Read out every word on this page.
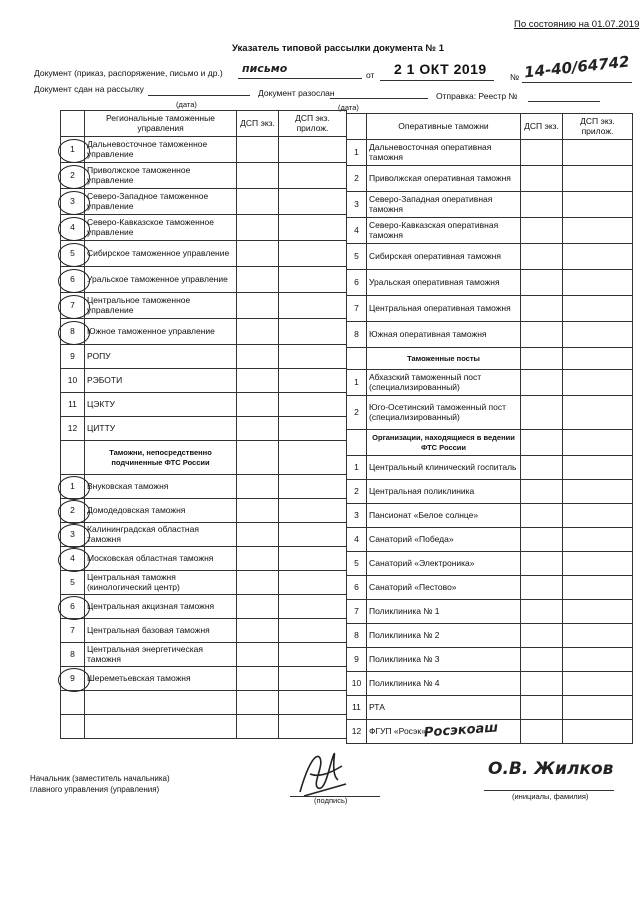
По состоянию на 01.07.2019
Указатель типовой рассылки документа № 1
Документ (приказ, распоряжение, письмо и др.) письмо	от 2 1 ОКТ 2019	№ 14-40/64742
Документ сдан на рассылку	Документ разослан	Отправка: Реестр №
(дата)	(дата)
	Региональные таможенные управления	ДСП экз.	ДСП экз. прилож.
1	Дальневосточное таможенное управление		
2	Приволжское таможенное управление		
3	Северо-Западное таможенное управление		
4	Северо-Кавказское таможенное управление		
5	Сибирское таможенное управление		
6	Уральское таможенное управление		
7	Центральное таможенное управление		
8	Южное таможенное управление		
9	РОПУ		
10	РЭБОТИ		
11	ЦЭКТУ		
12	ЦИТТУ		
	Таможни, непосредственно подчиненные ФТС России		
1	Внуковская таможня		
2	Домодедовская таможня		
3	Калининградская областная таможня		
4	Московская областная таможня		
5	Центральная таможня (кинологический центр)		
6	Центральная акцизная таможня		
7	Центральная базовая таможня		
8	Центральная энергетическая таможня		
9	Шереметьевская таможня		

	Оперативные таможни	ДСП экз.	ДСП экз. прилож.
1	Дальневосточная оперативная таможня		
2	Приволжская оперативная таможня		
3	Северо-Западная оперативная таможня		
4	Северо-Кавказская оперативная таможня		
5	Сибирская оперативная таможня		
6	Уральская оперативная таможня		
7	Центральная оперативная таможня		
8	Южная оперативная таможня		
	Таможенные посты		
1	Абхазский таможенный пост (специализированный)		
2	Юго-Осетинский таможенный пост (специализированный)		
	Организации, находящиеся в ведении ФТС России		
1	Центральный клинический госпиталь		
2	Центральная поликлиника		
3	Пансионат «Белое солнце»		
4	Санаторий «Победа»		
5	Санаторий «Электроника»		
6	Санаторий «Пестово»		
7	Поликлиника № 1		
8	Поликлиника № 2		
9	Поликлиника № 3		
10	Поликлиника № 4		
11	РТА		
12	ФГУП «Росэк»		
Росэкоаш
Начальник (заместитель начальника)
главного управления (управления)
(подпись)
О.В. Жилков
(инициалы, фамилия)
